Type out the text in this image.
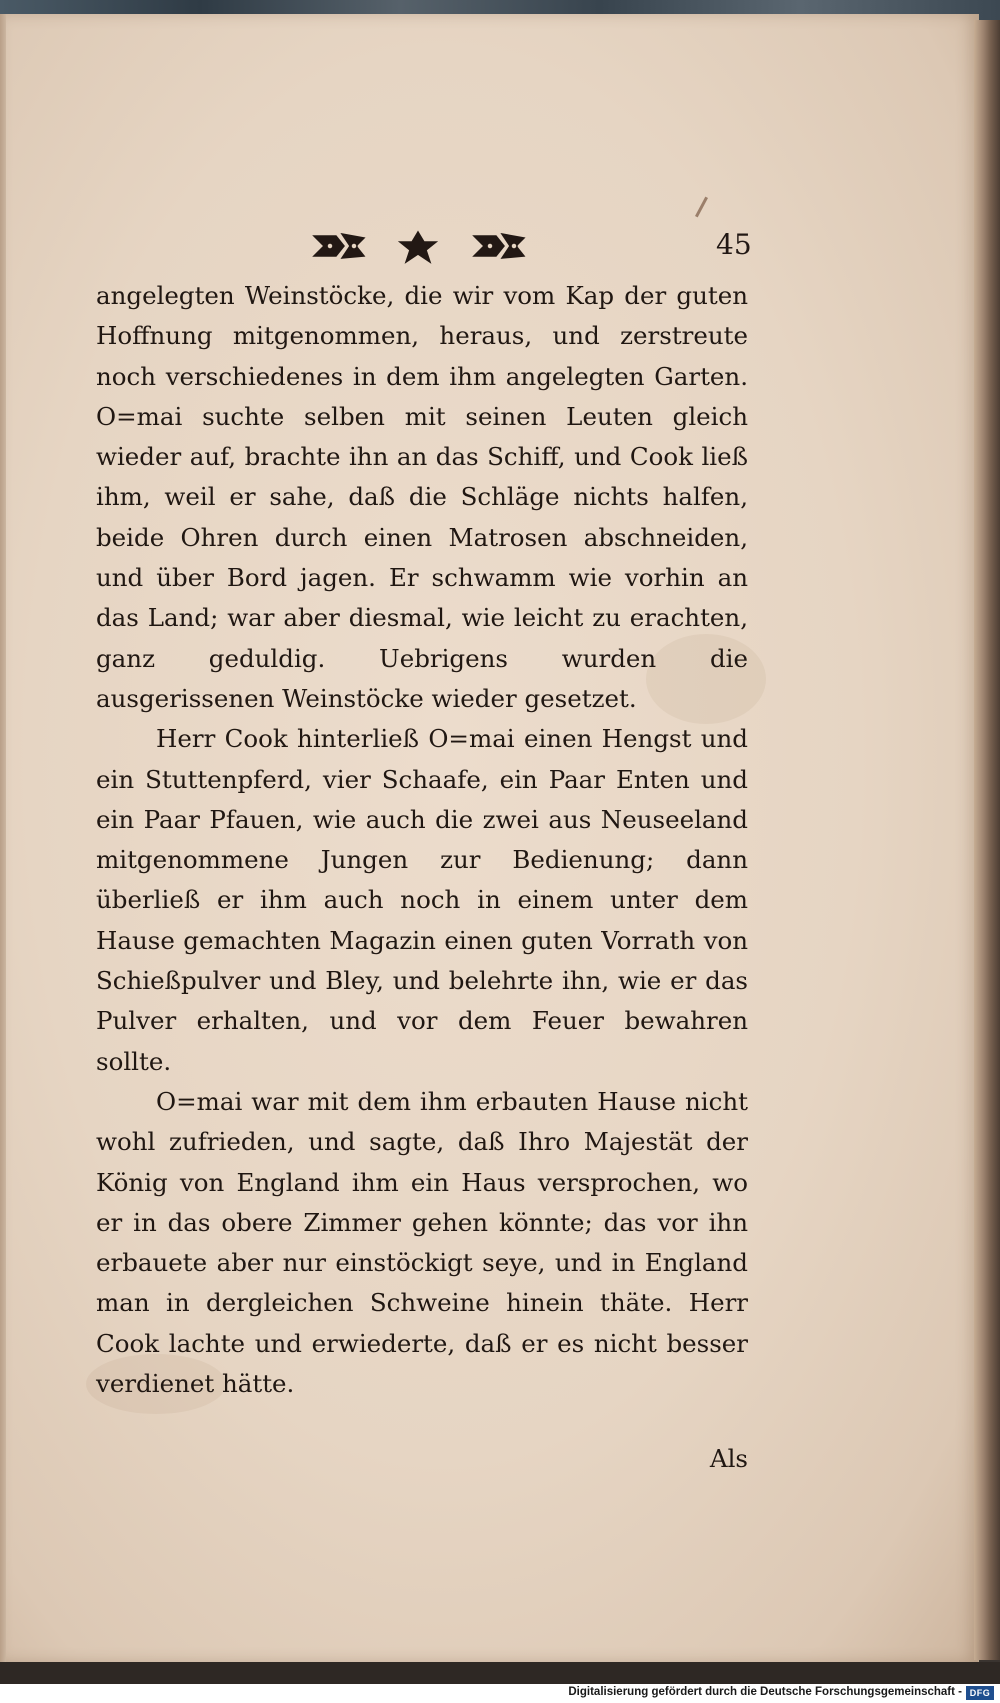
45

angelegten Weinstöcke, die wir vom Kap der guten Hoffnung mitgenommen, heraus, und zerstreute noch verschiedenes in dem ihm angelegten Garten. O=mai suchte selben mit seinen Leuten gleich wieder auf, brachte ihn an das Schiff, und Cook ließ ihm, weil er sahe, daß die Schläge nichts halfen, beide Ohren durch einen Matrosen abschneiden, und über Bord jagen. Er schwamm wie vorhin an das Land; war aber diesmal, wie leicht zu erachten, ganz geduldig. Uebrigens wurden die ausgerissenen Weinstöcke wieder gesetzet.

Herr Cook hinterließ O=mai einen Hengst und ein Stuttenpferd, vier Schaafe, ein Paar Enten und ein Paar Pfauen, wie auch die zwei aus Neuseeland mitgenommene Jungen zur Bedienung; dann überließ er ihm auch noch in einem unter dem Hause gemachten Magazin einen guten Vorrath von Schießpulver und Bley, und belehrte ihn, wie er das Pulver erhalten, und vor dem Feuer bewahren sollte.

O=mai war mit dem ihm erbauten Hause nicht wohl zufrieden, und sagte, daß Ihro Majestät der König von England ihm ein Haus versprochen, wo er in das obere Zimmer gehen könnte; das vor ihn erbauete aber nur einstöckigt seye, und in England man in dergleichen Schweine hinein thäte. Herr Cook lachte und erwiederte, daß er es nicht besser verdienet hätte.

Als
Digitalisierung gefördert durch die Deutsche Forschungsgemeinschaft - DFG
